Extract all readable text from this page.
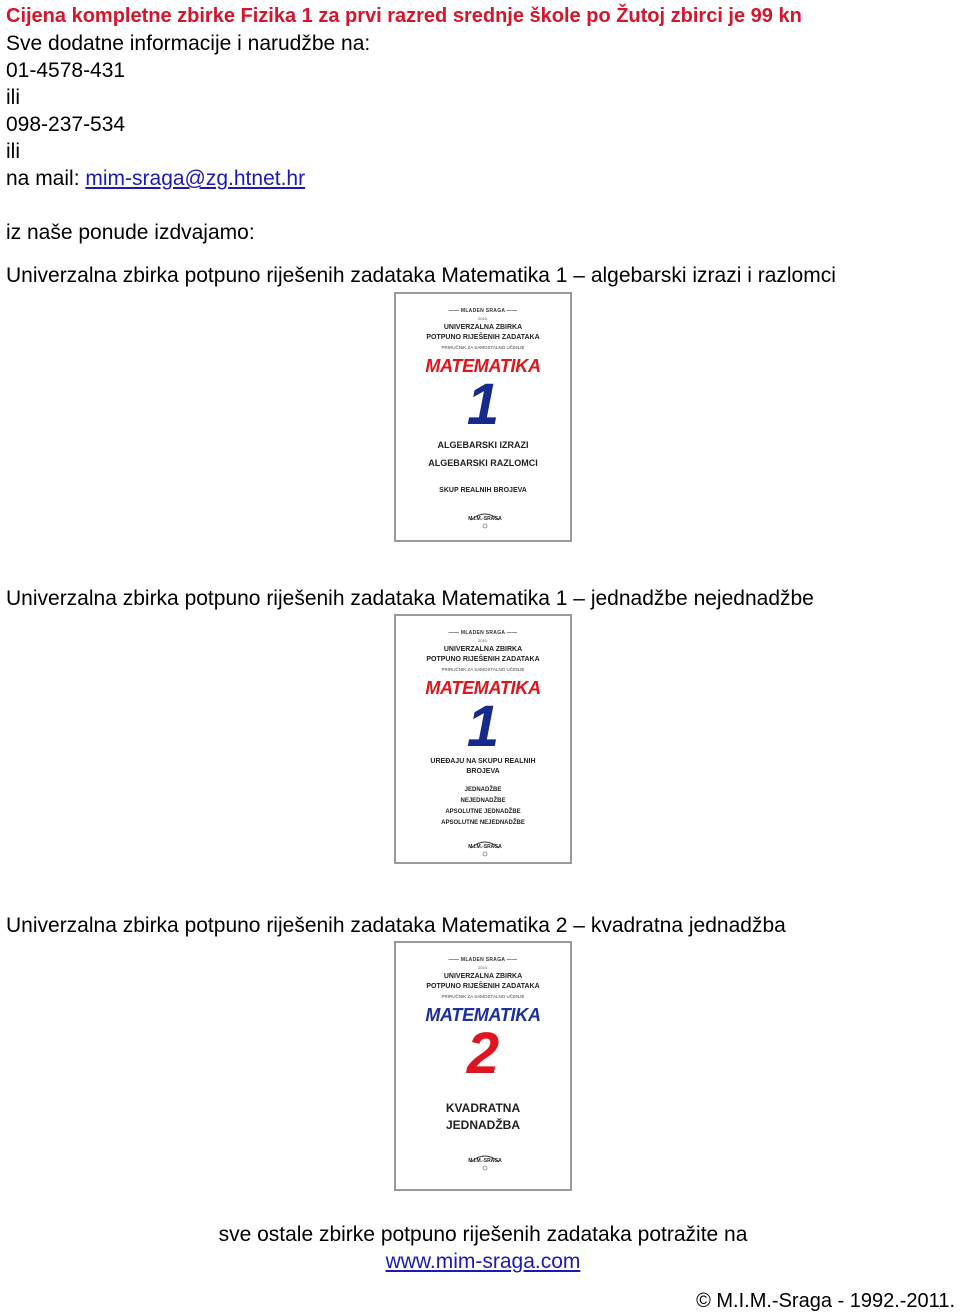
Cijena kompletne zbirke Fizika 1 za prvi razred srednje škole po Žutoj zbirci je 99 kn
Sve dodatne informacije i narudžbe na:
01-4578-431
ili
098-237-534
ili
na mail: mim-sraga@zg.htnet.hr
iz naše ponude izdvajamo:
Univerzalna zbirka potpuno riješenih zadataka Matematika 1 – algebarski izrazi i razlomci
—— MLADEN SRAGA ——
2010.
UNIVERZALNA ZBIRKA
POTPUNO RIJEŠENIH ZADATAKA
PRIRUČNIK ZA SAMOSTALNO UČENJE
MATEMATIKA
1
ALGEBARSKI IZRAZI
ALGEBARSKI RAZLOMCI
SKUP REALNIH BROJEVA
M.I.M.-SRAGA
Univerzalna zbirka potpuno riješenih zadataka Matematika 1 – jednadžbe nejednadžbe
—— MLADEN SRAGA ——
2010.
UNIVERZALNA ZBIRKA
POTPUNO RIJEŠENIH ZADATAKA
PRIRUČNIK ZA SAMOSTALNO UČENJE
MATEMATIKA
1
UREĐAJU NA SKUPU REALNIH
BROJEVA
JEDNADŽBE
NEJEDNADŽBE
APSOLUTNE JEDNADŽBE
APSOLUTNE NEJEDNADŽBE
M.I.M.-SRAGA
Univerzalna zbirka potpuno riješenih zadataka Matematika 2 – kvadratna jednadžba
—— MLADEN SRAGA ——
2010.
UNIVERZALNA ZBIRKA
POTPUNO RIJEŠENIH ZADATAKA
PRIRUČNIK ZA SAMOSTALNO UČENJE
MATEMATIKA
2
KVADRATNA
JEDNADŽBA
M.I.M.-SRAGA
sve ostale zbirke potpuno riješenih zadataka potražite na
www.mim-sraga.com
© M.I.M.-Sraga - 1992.-2011.
